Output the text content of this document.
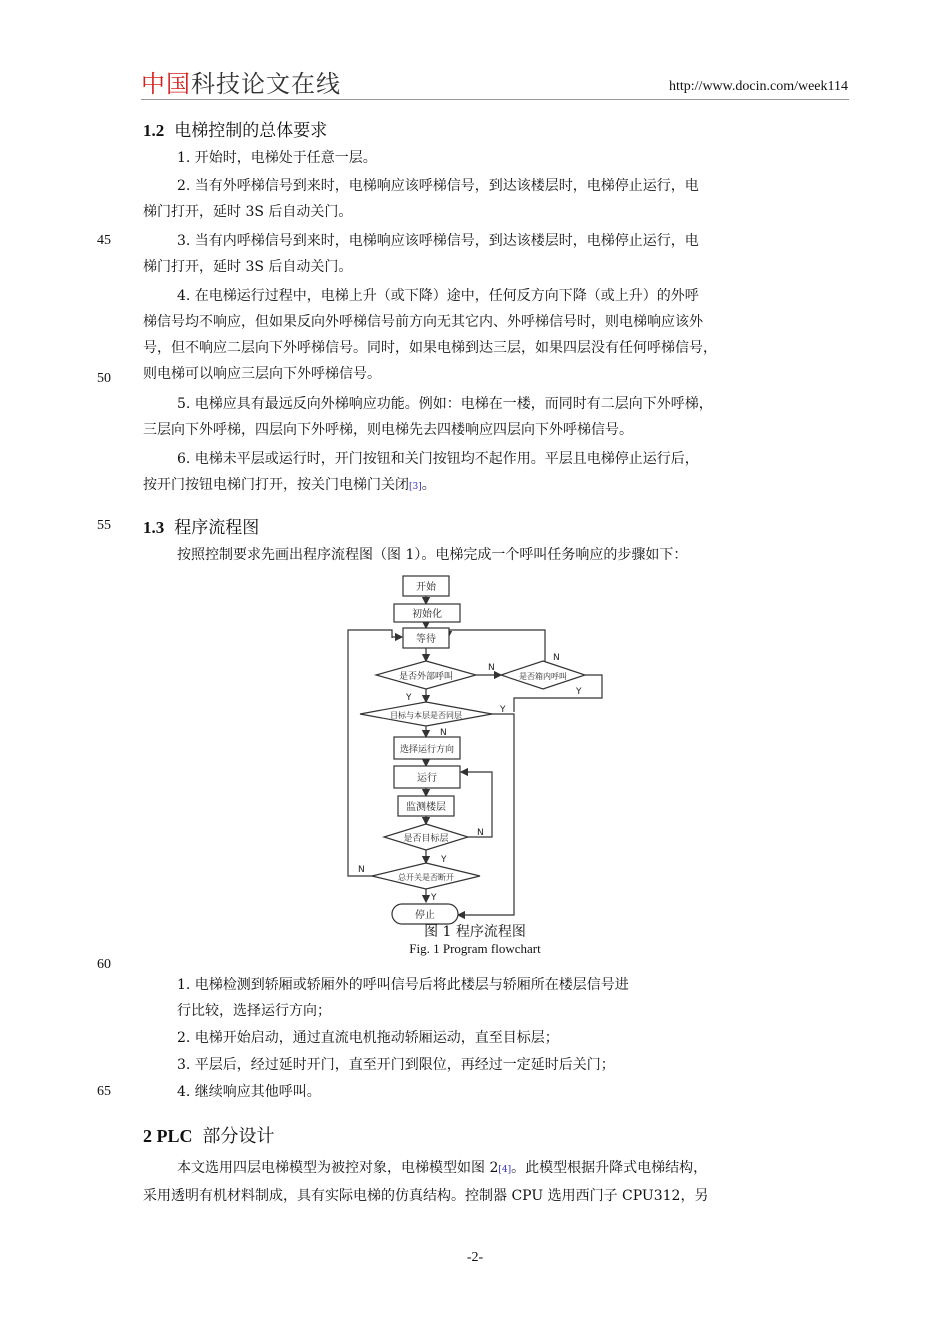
中国科技论文在线	http://www.docin.com/week114
1.2 电梯控制的总体要求
1. 开始时，电梯处于任意一层。
2. 当有外呼梯信号到来时，电梯响应该呼梯信号，到达该楼层时，电梯停止运行，电
梯门打开，延时 3S 后自动关门。
3. 当有内呼梯信号到来时，电梯响应该呼梯信号，到达该楼层时，电梯停止运行，电
梯门打开，延时 3S 后自动关门。
4. 在电梯运行过程中，电梯上升（或下降）途中，任何反方向下降（或上升）的外呼
梯信号均不响应，但如果反向外呼梯信号前方向无其它内、外呼梯信号时，则电梯响应该外
号，但不响应二层向下外呼梯信号。同时，如果电梯到达三层，如果四层没有任何呼梯信号，
则电梯可以响应三层向下外呼梯信号。
5. 电梯应具有最远反向外梯响应功能。例如：电梯在一楼，而同时有二层向下外呼梯，
三层向下外呼梯，四层向下外呼梯，则电梯先去四楼响应四层向下外呼梯信号。
6. 电梯未平层或运行时，开门按钮和关门按钮均不起作用。平层且电梯停止运行后，
按开门按钮电梯门打开，按关门电梯门关闭[3]。
45
50
55
60
65
1.3 程序流程图
按照控制要求先画出程序流程图（图 1）。电梯完成一个呼叫任务响应的步骤如下：
开始
初始化
等待
是否外部呼叫	是否箱内呼叫
目标与本层是否同层
选择运行方向
运行
监测楼层
是否目标层
总开关是否断开
停止
N
N
Y
Y
Y
N
N
Y
N
Y
图 1 程序流程图
Fig. 1 Program flowchart
1. 电梯检测到轿厢或轿厢外的呼叫信号后将此楼层与轿厢所在楼层信号进
行比较，选择运行方向；
2. 电梯开始启动，通过直流电机拖动轿厢运动，直至目标层；
3. 平层后，经过延时开门，直至开门到限位，再经过一定延时后关门；
4. 继续响应其他呼叫。
2 PLC 部分设计
本文选用四层电梯模型为被控对象，电梯模型如图 2[4]。此模型根据升降式电梯结构，
采用透明有机材料制成，具有实际电梯的仿真结构。控制器 CPU 选用西门子 CPU312，另
-2-
